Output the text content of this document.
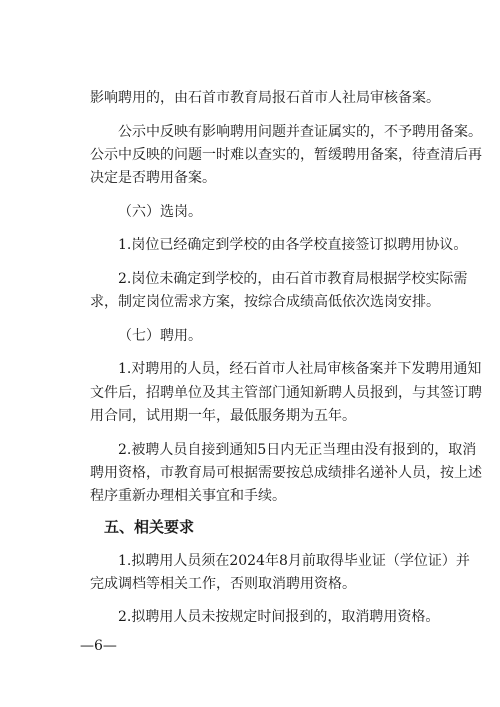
影响聘用的，由石首市教育局报石首市人社局审核备案。
公示中反映有影响聘用问题并查证属实的，不予聘用备案。
公示中反映的问题一时难以查实的，暂缓聘用备案，待查清后再
决定是否聘用备案。
（六）选岗。
1.岗位已经确定到学校的由各学校直接签订拟聘用协议。
2.岗位未确定到学校的，由石首市教育局根据学校实际需
求，制定岗位需求方案，按综合成绩高低依次选岗安排。
（七）聘用。
1.对聘用的人员，经石首市人社局审核备案并下发聘用通知
文件后，招聘单位及其主管部门通知新聘人员报到，与其签订聘
用合同，试用期一年，最低服务期为五年。
2.被聘人员自接到通知5日内无正当理由没有报到的，取消
聘用资格，市教育局可根据需要按总成绩排名递补人员，按上述
程序重新办理相关事宜和手续。
五、相关要求
1.拟聘用人员须在2024年8月前取得毕业证（学位证）并
完成调档等相关工作，否则取消聘用资格。
2.拟聘用人员未按规定时间报到的，取消聘用资格。
—6—
